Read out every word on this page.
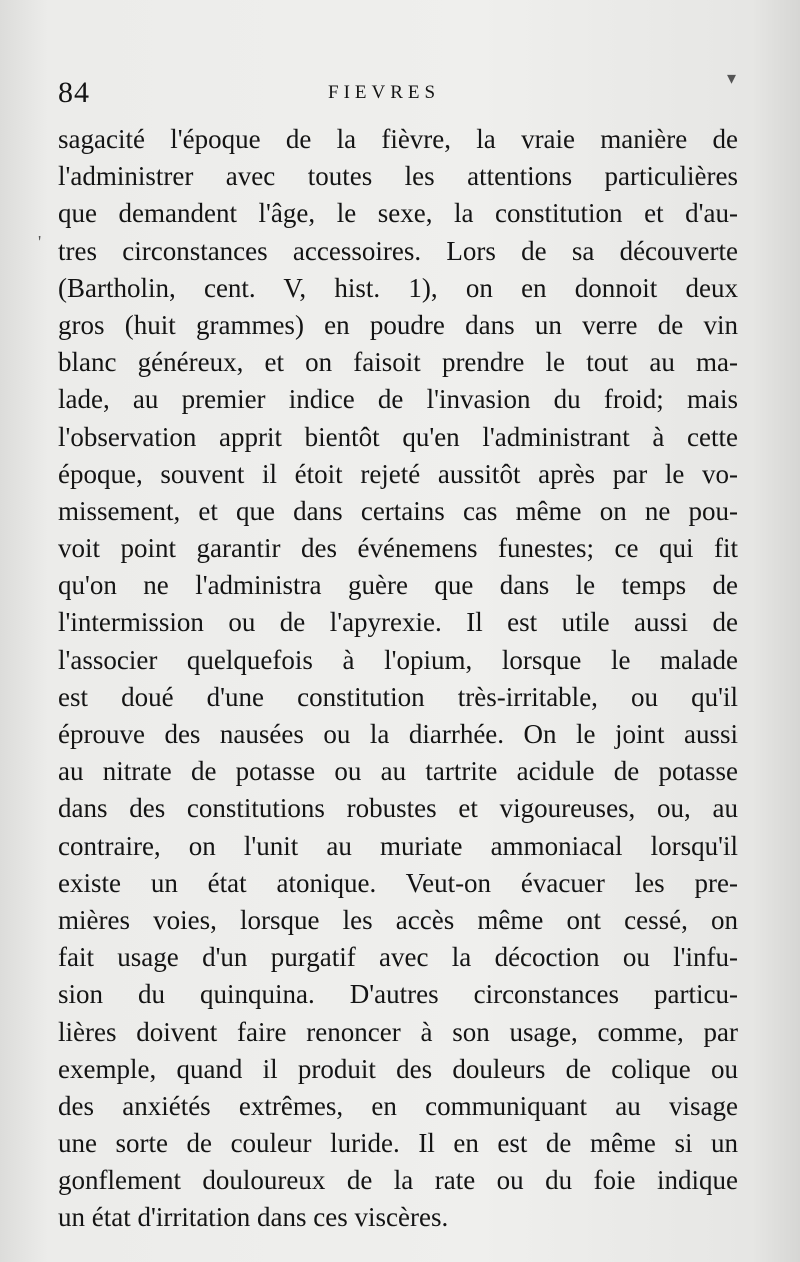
84	FIEVRES
sagacité l'époque de la fièvre, la vraie manière de
l'administrer avec toutes les attentions particulières
que demandent l'âge, le sexe, la constitution et d'au-
tres circonstances accessoires. Lors de sa découverte
(Bartholin, cent. V, hist. 1), on en donnoit deux
gros (huit grammes) en poudre dans un verre de vin
blanc généreux, et on faisoit prendre le tout au ma-
lade, au premier indice de l'invasion du froid; mais
l'observation apprit bientôt qu'en l'administrant à cette
époque, souvent il étoit rejeté aussitôt après par le vo-
missement, et que dans certains cas même on ne pou-
voit point garantir des événemens funestes; ce qui fit
qu'on ne l'administra guère que dans le temps de
l'intermission ou de l'apyrexie. Il est utile aussi de
l'associer quelquefois à l'opium, lorsque le malade
est doué d'une constitution très-irritable, ou qu'il
éprouve des nausées ou la diarrhée. On le joint aussi
au nitrate de potasse ou au tartrite acidule de potasse
dans des constitutions robustes et vigoureuses, ou, au
contraire, on l'unit au muriate ammoniacal lorsqu'il
existe un état atonique. Veut-on évacuer les pre-
mières voies, lorsque les accès même ont cessé, on
fait usage d'un purgatif avec la décoction ou l'infu-
sion du quinquina. D'autres circonstances particu-
lières doivent faire renoncer à son usage, comme, par
exemple, quand il produit des douleurs de colique ou
des anxiétés extrêmes, en communiquant au visage
une sorte de couleur luride. Il en est de même si un
gonflement douloureux de la rate ou du foie indique
un état d'irritation dans ces viscères.
▾
'
